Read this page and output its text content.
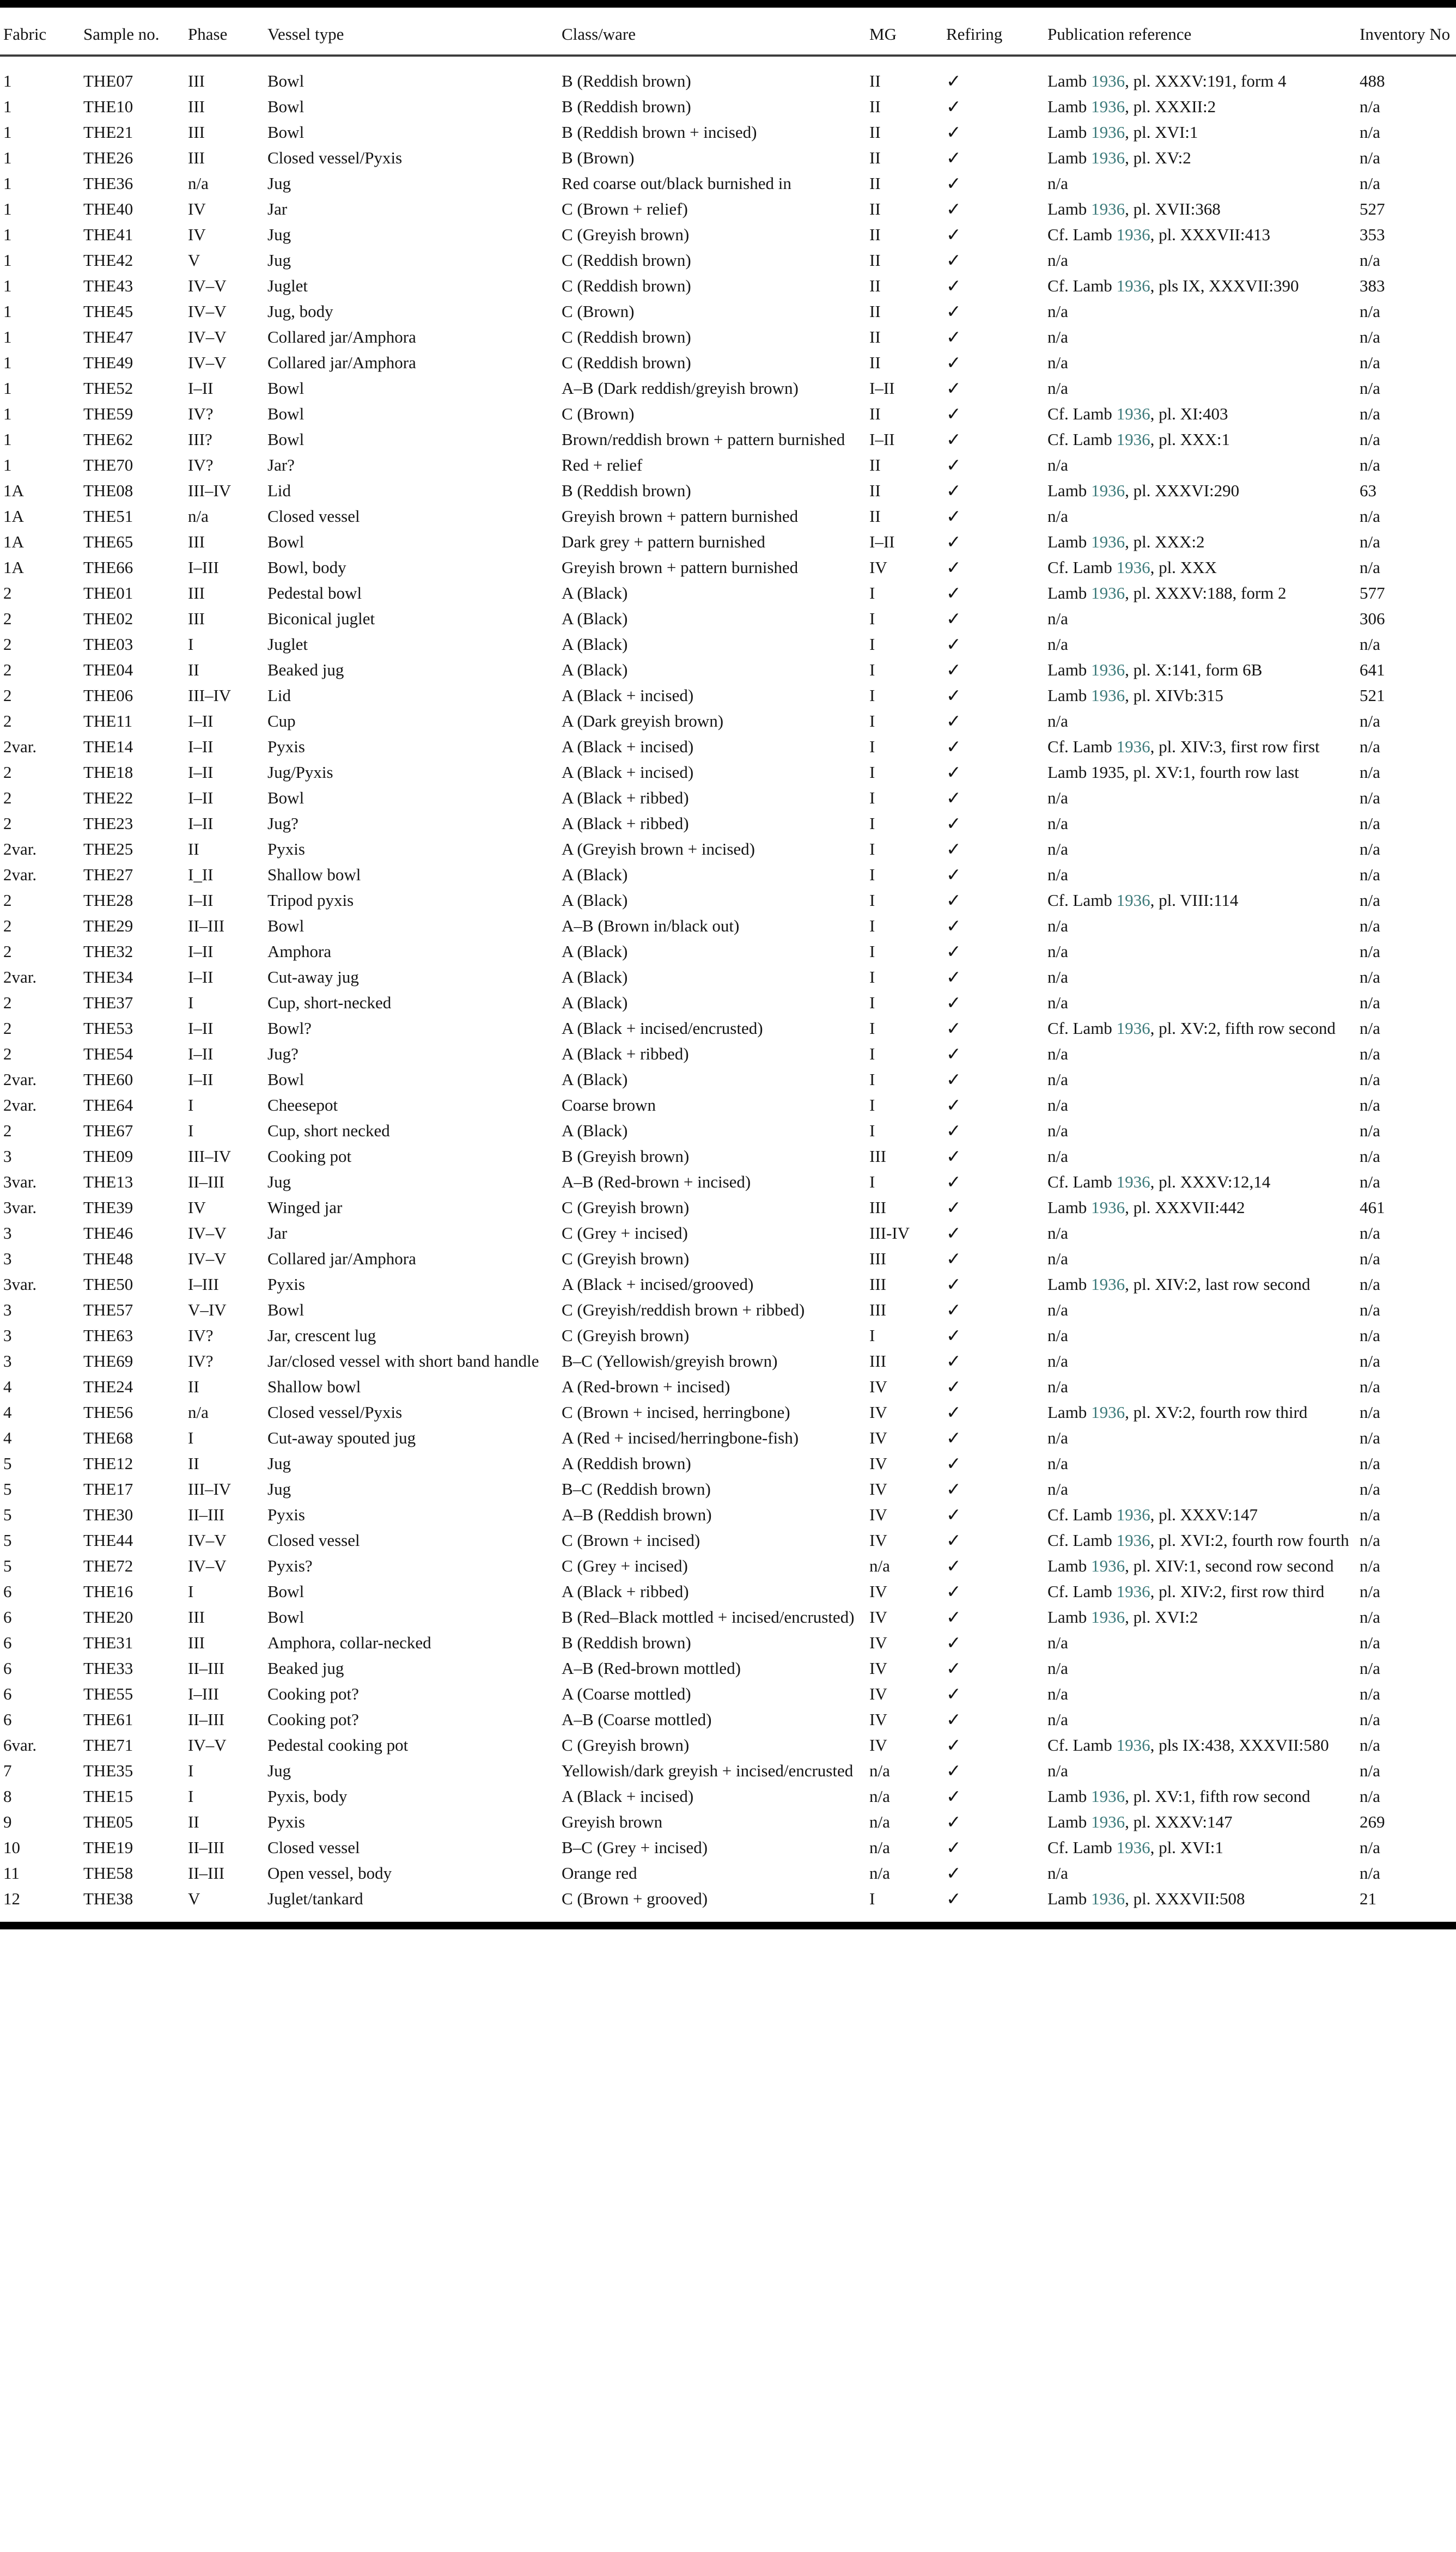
Fabric	Sample no.	Phase	Vessel type	Class/ware	MG	Refiring	Publication reference	Inventory No

1	THE07	III	Bowl	B (Reddish brown)	II	✓	Lamb 1936, pl. XXXV:191, form 4	488

1	THE10	III	Bowl	B (Reddish brown)	II	✓	Lamb 1936, pl. XXXII:2	n/a

1	THE21	III	Bowl	B (Reddish brown + incised)	II	✓	Lamb 1936, pl. XVI:1	n/a

1	THE26	III	Closed vessel/Pyxis	B (Brown)	II	✓	Lamb 1936, pl. XV:2	n/a

1	THE36	n/a	Jug	Red coarse out/black burnished in	II	✓	n/a	n/a

1	THE40	IV	Jar	C (Brown + relief)	II	✓	Lamb 1936, pl. XVII:368	527

1	THE41	IV	Jug	C (Greyish brown)	II	✓	Cf. Lamb 1936, pl. XXXVII:413	353

1	THE42	V	Jug	C (Reddish brown)	II	✓	n/a	n/a

1	THE43	IV–V	Juglet	C (Reddish brown)	II	✓	Cf. Lamb 1936, pls IX, XXXVII:390	383

1	THE45	IV–V	Jug, body	C (Brown)	II	✓	n/a	n/a

1	THE47	IV–V	Collared jar/Amphora	C (Reddish brown)	II	✓	n/a	n/a

1	THE49	IV–V	Collared jar/Amphora	C (Reddish brown)	II	✓	n/a	n/a

1	THE52	I–II	Bowl	A–B (Dark reddish/greyish brown)	I–II	✓	n/a	n/a

1	THE59	IV?	Bowl	C (Brown)	II	✓	Cf. Lamb 1936, pl. XI:403	n/a

1	THE62	III?	Bowl	Brown/reddish brown + pattern burnished	I–II	✓	Cf. Lamb 1936, pl. XXX:1	n/a

1	THE70	IV?	Jar?	Red + relief	II	✓	n/a	n/a

1A	THE08	III–IV	Lid	B (Reddish brown)	II	✓	Lamb 1936, pl. XXXVI:290	63

1A	THE51	n/a	Closed vessel	Greyish brown + pattern burnished	II	✓	n/a	n/a

1A	THE65	III	Bowl	Dark grey + pattern burnished	I–II	✓	Lamb 1936, pl. XXX:2	n/a

1A	THE66	I–III	Bowl, body	Greyish brown + pattern burnished	IV	✓	Cf. Lamb 1936, pl. XXX	n/a

2	THE01	III	Pedestal bowl	A (Black)	I	✓	Lamb 1936, pl. XXXV:188, form 2	577

2	THE02	III	Biconical juglet	A (Black)	I	✓	n/a	306

2	THE03	I	Juglet	A (Black)	I	✓	n/a	n/a

2	THE04	II	Beaked jug	A (Black)	I	✓	Lamb 1936, pl. X:141, form 6B	641

2	THE06	III–IV	Lid	A (Black + incised)	I	✓	Lamb 1936, pl. XIVb:315	521

2	THE11	I–II	Cup	A (Dark greyish brown)	I	✓	n/a	n/a

2var.	THE14	I–II	Pyxis	A (Black + incised)	I	✓	Cf. Lamb 1936, pl. XIV:3, first row first	n/a

2	THE18	I–II	Jug/Pyxis	A (Black + incised)	I	✓	Lamb 1935, pl. XV:1, fourth row last	n/a

2	THE22	I–II	Bowl	A (Black + ribbed)	I	✓	n/a	n/a

2	THE23	I–II	Jug?	A (Black + ribbed)	I	✓	n/a	n/a

2var.	THE25	II	Pyxis	A (Greyish brown + incised)	I	✓	n/a	n/a

2var.	THE27	I_II	Shallow bowl	A (Black)	I	✓	n/a	n/a

2	THE28	I–II	Tripod pyxis	A (Black)	I	✓	Cf. Lamb 1936, pl. VIII:114	n/a

2	THE29	II–III	Bowl	A–B (Brown in/black out)	I	✓	n/a	n/a

2	THE32	I–II	Amphora	A (Black)	I	✓	n/a	n/a

2var.	THE34	I–II	Cut-away jug	A (Black)	I	✓	n/a	n/a

2	THE37	I	Cup, short-necked	A (Black)	I	✓	n/a	n/a

2	THE53	I–II	Bowl?	A (Black + incised/encrusted)	I	✓	Cf. Lamb 1936, pl. XV:2, fifth row second	n/a

2	THE54	I–II	Jug?	A (Black + ribbed)	I	✓	n/a	n/a

2var.	THE60	I–II	Bowl	A (Black)	I	✓	n/a	n/a

2var.	THE64	I	Cheesepot	Coarse brown	I	✓	n/a	n/a

2	THE67	I	Cup, short necked	A (Black)	I	✓	n/a	n/a

3	THE09	III–IV	Cooking pot	B (Greyish brown)	III	✓	n/a	n/a

3var.	THE13	II–III	Jug	A–B (Red-brown + incised)	I	✓	Cf. Lamb 1936, pl. XXXV:12,14	n/a

3var.	THE39	IV	Winged jar	C (Greyish brown)	III	✓	Lamb 1936, pl. XXXVII:442	461

3	THE46	IV–V	Jar	C (Grey + incised)	III-IV	✓	n/a	n/a

3	THE48	IV–V	Collared jar/Amphora	C (Greyish brown)	III	✓	n/a	n/a

3var.	THE50	I–III	Pyxis	A (Black + incised/grooved)	III	✓	Lamb 1936, pl. XIV:2, last row second	n/a

3	THE57	V–IV	Bowl	C (Greyish/reddish brown + ribbed)	III	✓	n/a	n/a

3	THE63	IV?	Jar, crescent lug	C (Greyish brown)	I	✓	n/a	n/a

3	THE69	IV?	Jar/closed vessel with short band handle	B–C (Yellowish/greyish brown)	III	✓	n/a	n/a

4	THE24	II	Shallow bowl	A (Red-brown + incised)	IV	✓	n/a	n/a

4	THE56	n/a	Closed vessel/Pyxis	C (Brown + incised, herringbone)	IV	✓	Lamb 1936, pl. XV:2, fourth row third	n/a

4	THE68	I	Cut-away spouted jug	A (Red + incised/herringbone-fish)	IV	✓	n/a	n/a

5	THE12	II	Jug	A (Reddish brown)	IV	✓	n/a	n/a

5	THE17	III–IV	Jug	B–C (Reddish brown)	IV	✓	n/a	n/a

5	THE30	II–III	Pyxis	A–B (Reddish brown)	IV	✓	Cf. Lamb 1936, pl. XXXV:147	n/a

5	THE44	IV–V	Closed vessel	C (Brown + incised)	IV	✓	Cf. Lamb 1936, pl. XVI:2, fourth row fourth	n/a

5	THE72	IV–V	Pyxis?	C (Grey + incised)	n/a	✓	Lamb 1936, pl. XIV:1, second row second	n/a

6	THE16	I	Bowl	A (Black + ribbed)	IV	✓	Cf. Lamb 1936, pl. XIV:2, first row third	n/a

6	THE20	III	Bowl	B (Red–Black mottled + incised/encrusted)	IV	✓	Lamb 1936, pl. XVI:2	n/a

6	THE31	III	Amphora, collar-necked	B (Reddish brown)	IV	✓	n/a	n/a

6	THE33	II–III	Beaked jug	A–B (Red-brown mottled)	IV	✓	n/a	n/a

6	THE55	I–III	Cooking pot?	A (Coarse mottled)	IV	✓	n/a	n/a

6	THE61	II–III	Cooking pot?	A–B (Coarse mottled)	IV	✓	n/a	n/a

6var.	THE71	IV–V	Pedestal cooking pot	C (Greyish brown)	IV	✓	Cf. Lamb 1936, pls IX:438, XXXVII:580	n/a

7	THE35	I	Jug	Yellowish/dark greyish + incised/encrusted	n/a	✓	n/a	n/a

8	THE15	I	Pyxis, body	A (Black + incised)	n/a	✓	Lamb 1936, pl. XV:1, fifth row second	n/a

9	THE05	II	Pyxis	Greyish brown	n/a	✓	Lamb 1936, pl. XXXV:147	269

10	THE19	II–III	Closed vessel	B–C (Grey + incised)	n/a	✓	Cf. Lamb 1936, pl. XVI:1	n/a

11	THE58	II–III	Open vessel, body	Orange red	n/a	✓	n/a	n/a

12	THE38	V	Juglet/tankard	C (Brown + grooved)	I	✓	Lamb 1936, pl. XXXVII:508	21
